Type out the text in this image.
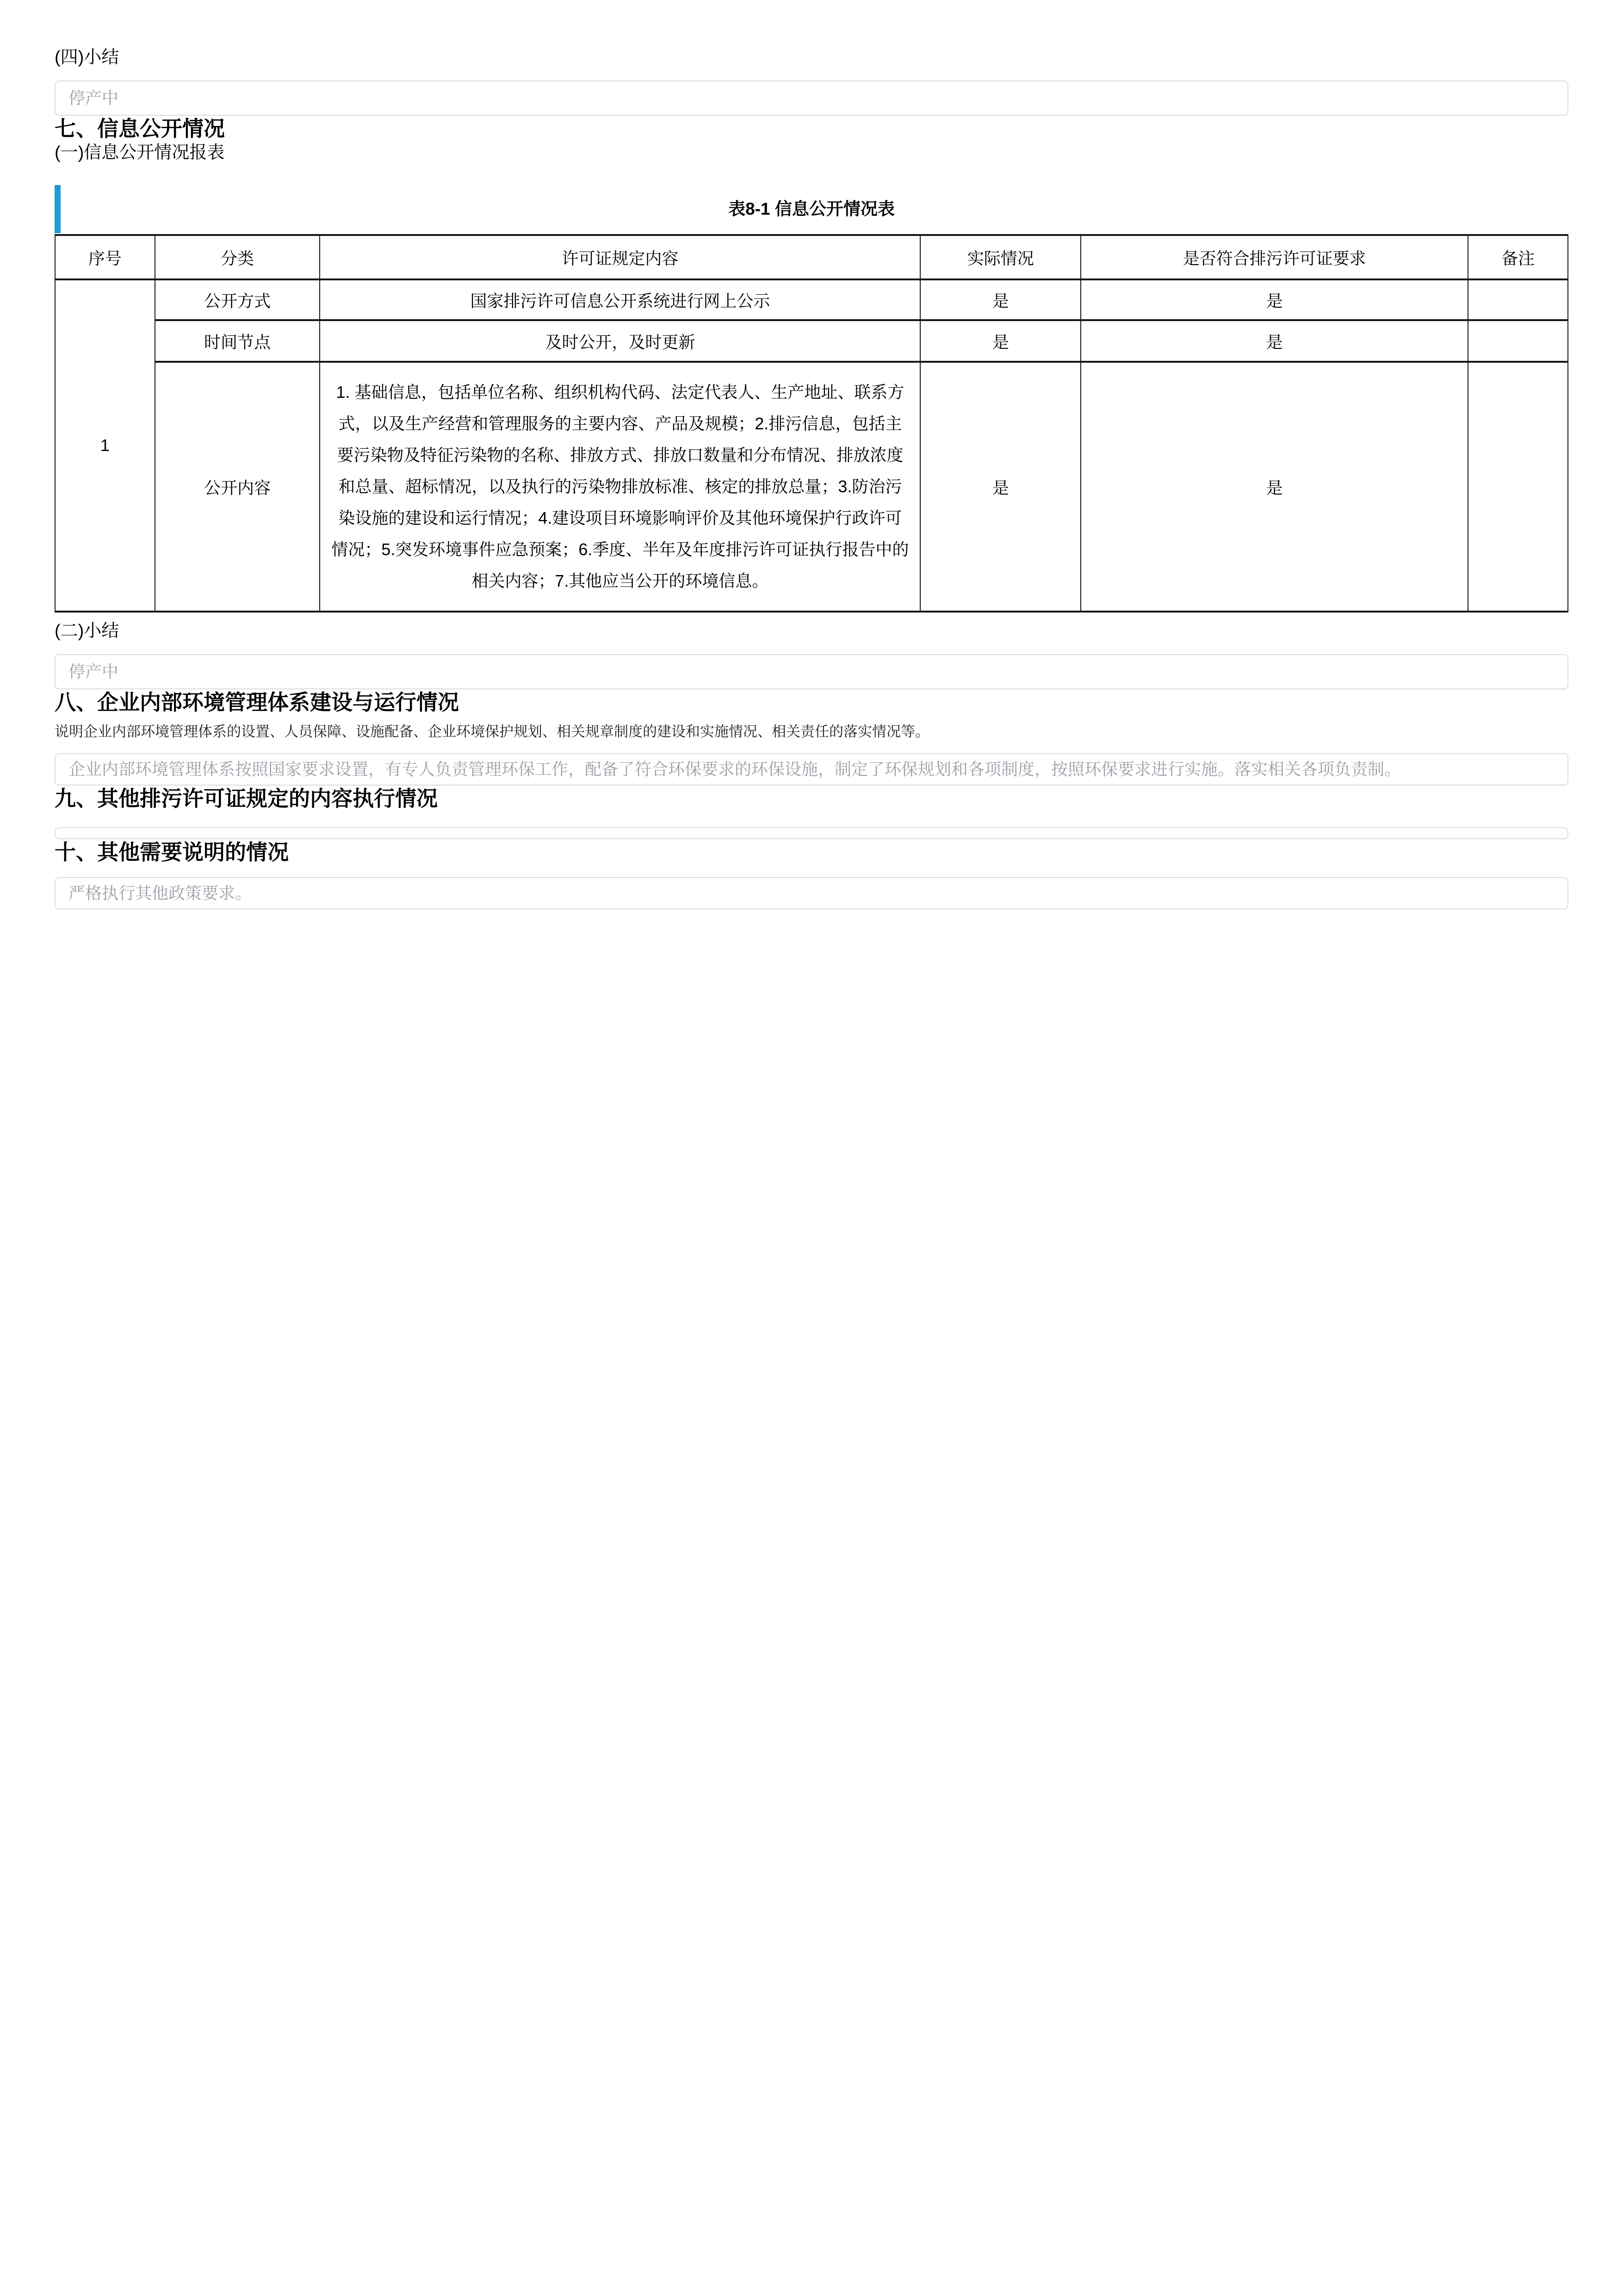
(四)小结
停产中
七、信息公开情况
(一)信息公开情况报表
表8-1 信息公开情况表
序号	分类	许可证规定内容	实际情况	是否符合排污许可证要求	备注
1	公开方式	国家排污许可信息公开系统进行网上公示	是	是	
	时间节点	及时公开，及时更新	是	是	
	公开内容	1. 基础信息，包括单位名称、组织机构代码、法定代表人、生产地址、联系方式，以及生产经营和管理服务的主要内容、产品及规模；2.排污信息，包括主要污染物及特征污染物的名称、排放方式、排放口数量和分布情况、排放浓度和总量、超标情况，以及执行的污染物排放标准、核定的排放总量；3.防治污染设施的建设和运行情况；4.建设项目环境影响评价及其他环境保护行政许可情况；5.突发环境事件应急预案；6.季度、半年及年度排污许可证执行报告中的相关内容；7.其他应当公开的环境信息。	是	是	
(二)小结
停产中
八、企业内部环境管理体系建设与运行情况
说明企业内部环境管理体系的设置、人员保障、设施配备、企业环境保护规划、相关规章制度的建设和实施情况、相关责任的落实情况等。
企业内部环境管理体系按照国家要求设置，有专人负责管理环保工作，配备了符合环保要求的环保设施，制定了环保规划和各项制度，按照环保要求进行实施。落实相关各项负责制。
九、其他排污许可证规定的内容执行情况
十、其他需要说明的情况
严格执行其他政策要求。
